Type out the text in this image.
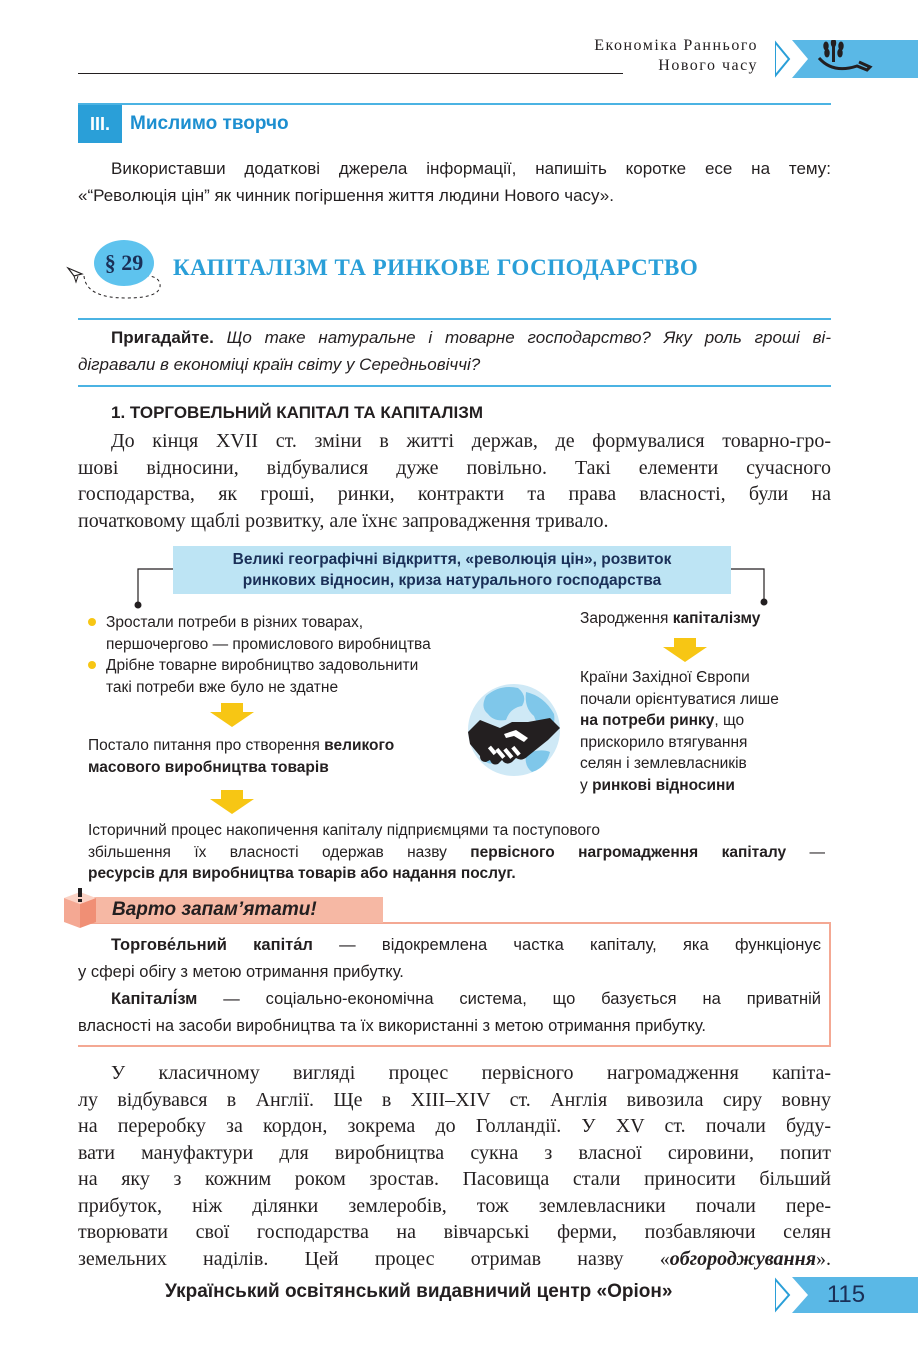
Економіка Раннього
Нового часу
III.	Мислимо творчо
Використавши додаткові джерела інформації, напишіть коротке есе на тему:
«“Революція цін” як чинник погіршення життя людини Нового часу».
§ 29	КАПІТАЛІЗМ ТА РИНКОВЕ ГОСПОДАРСТВО
Пригадайте. Що таке натуральне і товарне господарство? Яку роль гроші ві-
дігравали в економіці країн світу у Середньовіччі?
1. ТОРГОВЕЛЬНИЙ КАПІТАЛ ТА КАПІТАЛІЗМ
До кінця XVII ст. зміни в житті держав, де формувалися товарно-гро-
шові відносини, відбувалися дуже повільно. Такі елементи сучасного
господарства, як гроші, ринки, контракти та права власності, були на
початковому щаблі розвитку, але їхнє запровадження тривало.
Великі географічні відкриття, «революція цін», розвиток
ринкових відносин, криза натурального господарства
Зростали потреби в різних товарах,
першочергово — промислового виробництва
Дрібне товарне виробництво задовольнити
такі потреби вже було не здатне
Постало питання про створення великого
масового виробництва товарів
Зародження капіталізму
Країни Західної Європи
почали орієнтуватися лише
на потреби ринку, що
прискорило втягування
селян і землевласників
у ринкові відносини
Історичний процес накопичення капіталу підприємцями та поступового
збільшення їх власності одержав назву первісного нагромадження капіталу —
ресурсів для виробництва товарів або надання послуг.
Варто запам’ятати!
Торгове́льний капіта́л — відокремлена частка капіталу, яка функціонує
у сфері обігу з метою отримання прибутку.
Капіталі́зм — соціально-економічна система, що базується на приватній
власності на засоби виробництва та їх використанні з метою отримання прибутку.
У класичному вигляді процес первісного нагромадження капіта-
лу відбувався в Англії. Ще в XIII–XIV ст. Англія вивозила сиру вовну
на переробку за кордон, зокрема до Голландії. У XV ст. почали буду-
вати мануфактури для виробництва сукна з власної сировини, попит
на яку з кожним роком зростав. Пасовища стали приносити більший
прибуток, ніж ділянки землеробів, тож землевласники почали пере-
творювати свої господарства на вівчарські ферми, позбавляючи селян
земельних наділів. Цей процес отримав назву «обгороджування».
Український освітянський видавничий центр «Оріон»	115
